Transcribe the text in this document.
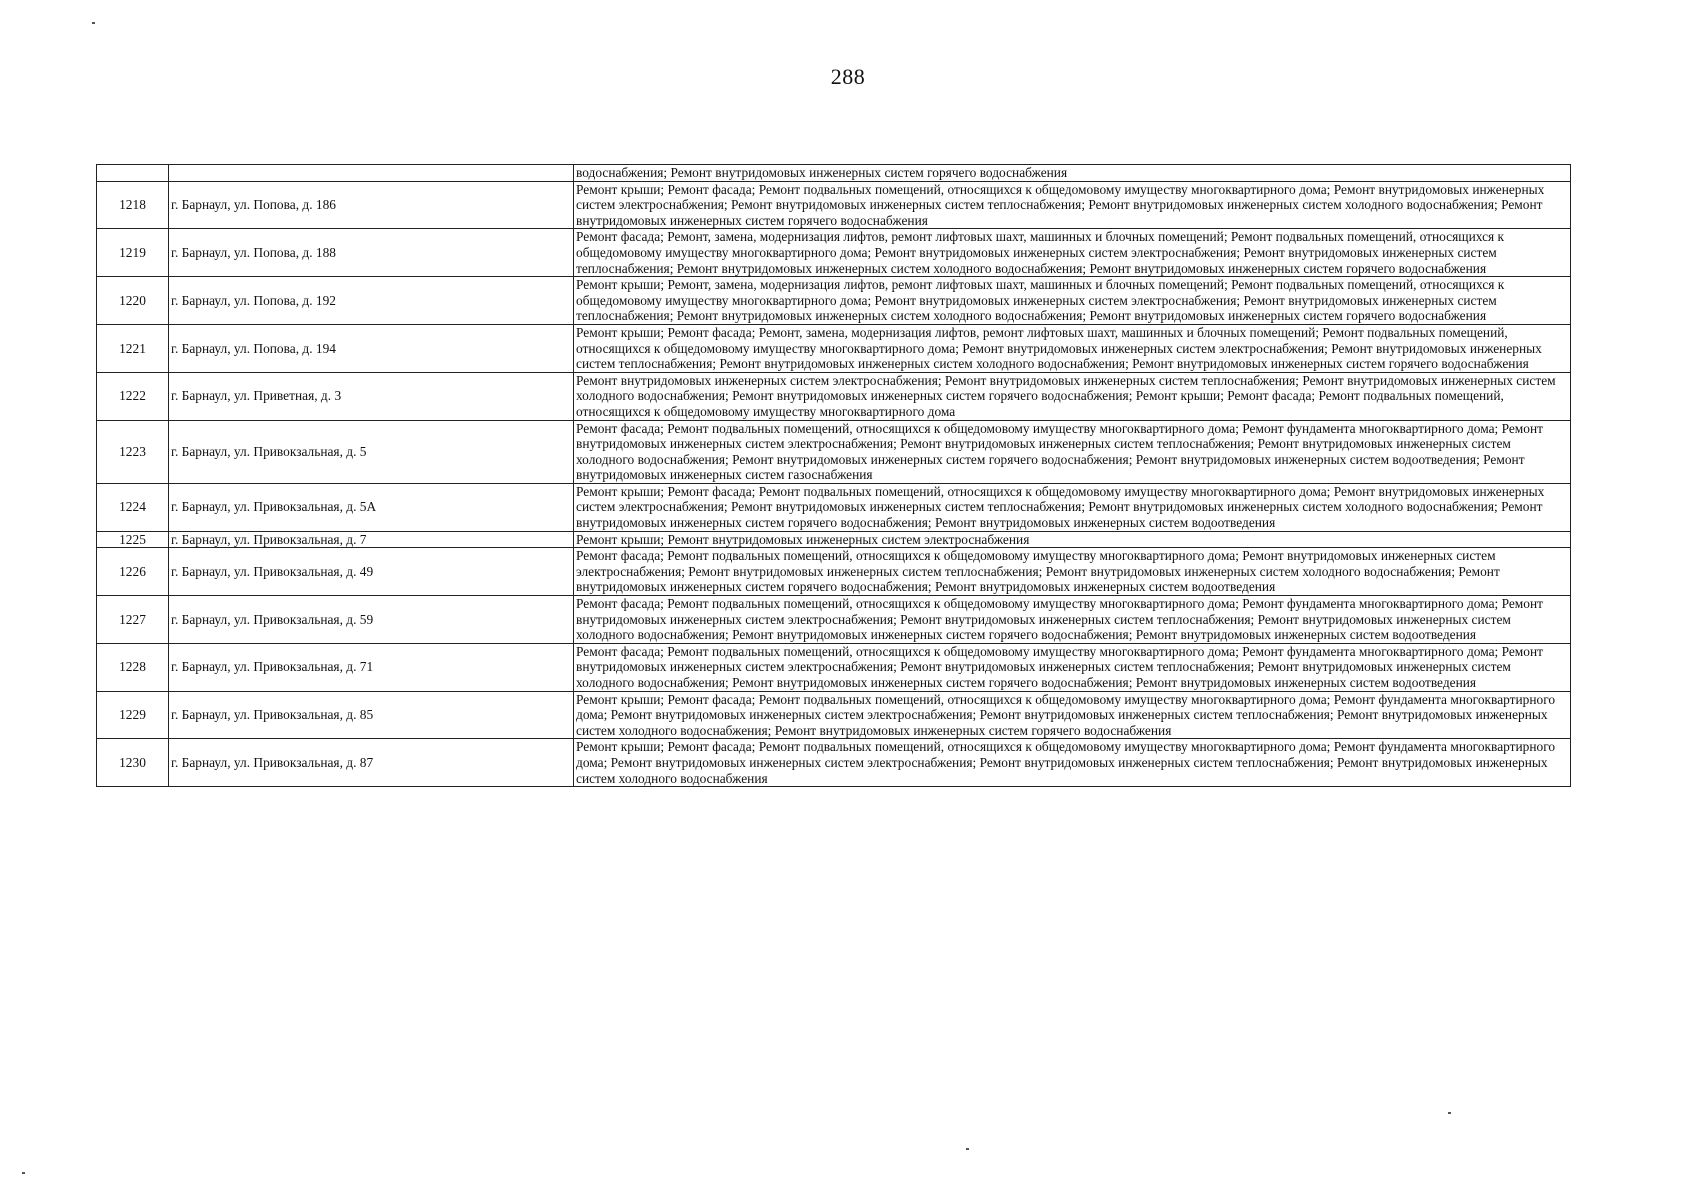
288
		водоснабжения; Ремонт внутридомовых инженерных систем горячего водоснабжения
1218	г. Барнаул, ул. Попова, д. 186	Ремонт крыши; Ремонт фасада; Ремонт подвальных помещений, относящихся к общедомовому имуществу многоквартирного дома; Ремонт внутридомовых инженерных систем электроснабжения; Ремонт внутридомовых инженерных систем теплоснабжения; Ремонт внутридомовых инженерных систем холодного водоснабжения; Ремонт внутридомовых инженерных систем горячего водоснабжения
1219	г. Барнаул, ул. Попова, д. 188	Ремонт фасада; Ремонт, замена, модернизация лифтов, ремонт лифтовых шахт, машинных и блочных помещений; Ремонт подвальных помещений, относящихся к общедомовому имуществу многоквартирного дома; Ремонт внутридомовых инженерных систем электроснабжения; Ремонт внутридомовых инженерных систем теплоснабжения; Ремонт внутридомовых инженерных систем холодного водоснабжения; Ремонт внутридомовых инженерных систем горячего водоснабжения
1220	г. Барнаул, ул. Попова, д. 192	Ремонт крыши; Ремонт, замена, модернизация лифтов, ремонт лифтовых шахт, машинных и блочных помещений; Ремонт подвальных помещений, относящихся к общедомовому имуществу многоквартирного дома; Ремонт внутридомовых инженерных систем электроснабжения; Ремонт внутридомовых инженерных систем теплоснабжения; Ремонт внутридомовых инженерных систем холодного водоснабжения; Ремонт внутридомовых инженерных систем горячего водоснабжения
1221	г. Барнаул, ул. Попова, д. 194	Ремонт крыши; Ремонт фасада; Ремонт, замена, модернизация лифтов, ремонт лифтовых шахт, машинных и блочных помещений; Ремонт подвальных помещений, относящихся к общедомовому имуществу многоквартирного дома; Ремонт внутридомовых инженерных систем электроснабжения; Ремонт внутридомовых инженерных систем теплоснабжения; Ремонт внутридомовых инженерных систем холодного водоснабжения; Ремонт внутридомовых инженерных систем горячего водоснабжения
1222	г. Барнаул, ул. Приветная, д. 3	Ремонт внутридомовых инженерных систем электроснабжения; Ремонт внутридомовых инженерных систем теплоснабжения; Ремонт внутридомовых инженерных систем холодного водоснабжения; Ремонт внутридомовых инженерных систем горячего водоснабжения; Ремонт крыши; Ремонт фасада; Ремонт подвальных помещений, относящихся к общедомовому имуществу многоквартирного дома
1223	г. Барнаул, ул. Привокзальная, д. 5	Ремонт фасада; Ремонт подвальных помещений, относящихся к общедомовому имуществу многоквартирного дома; Ремонт фундамента многоквартирного дома; Ремонт внутридомовых инженерных систем электроснабжения; Ремонт внутридомовых инженерных систем теплоснабжения; Ремонт внутридомовых инженерных систем холодного водоснабжения; Ремонт внутридомовых инженерных систем горячего водоснабжения; Ремонт внутридомовых инженерных систем водоотведения; Ремонт внутридомовых инженерных систем газоснабжения
1224	г. Барнаул, ул. Привокзальная, д. 5А	Ремонт крыши; Ремонт фасада; Ремонт подвальных помещений, относящихся к общедомовому имуществу многоквартирного дома; Ремонт внутридомовых инженерных систем электроснабжения; Ремонт внутридомовых инженерных систем теплоснабжения; Ремонт внутридомовых инженерных систем холодного водоснабжения; Ремонт внутридомовых инженерных систем горячего водоснабжения; Ремонт внутридомовых инженерных систем водоотведения
1225	г. Барнаул, ул. Привокзальная, д. 7	Ремонт крыши; Ремонт внутридомовых инженерных систем электроснабжения
1226	г. Барнаул, ул. Привокзальная, д. 49	Ремонт фасада; Ремонт подвальных помещений, относящихся к общедомовому имуществу многоквартирного дома; Ремонт внутридомовых инженерных систем электроснабжения; Ремонт внутридомовых инженерных систем теплоснабжения; Ремонт внутридомовых инженерных систем холодного водоснабжения; Ремонт внутридомовых инженерных систем горячего водоснабжения; Ремонт внутридомовых инженерных систем водоотведения
1227	г. Барнаул, ул. Привокзальная, д. 59	Ремонт фасада; Ремонт подвальных помещений, относящихся к общедомовому имуществу многоквартирного дома; Ремонт фундамента многоквартирного дома; Ремонт внутридомовых инженерных систем электроснабжения; Ремонт внутридомовых инженерных систем теплоснабжения; Ремонт внутридомовых инженерных систем холодного водоснабжения; Ремонт внутридомовых инженерных систем горячего водоснабжения; Ремонт внутридомовых инженерных систем водоотведения
1228	г. Барнаул, ул. Привокзальная, д. 71	Ремонт фасада; Ремонт подвальных помещений, относящихся к общедомовому имуществу многоквартирного дома; Ремонт фундамента многоквартирного дома; Ремонт внутридомовых инженерных систем электроснабжения; Ремонт внутридомовых инженерных систем теплоснабжения; Ремонт внутридомовых инженерных систем холодного водоснабжения; Ремонт внутридомовых инженерных систем горячего водоснабжения; Ремонт внутридомовых инженерных систем водоотведения
1229	г. Барнаул, ул. Привокзальная, д. 85	Ремонт крыши; Ремонт фасада; Ремонт подвальных помещений, относящихся к общедомовому имуществу многоквартирного дома; Ремонт фундамента многоквартирного дома; Ремонт внутридомовых инженерных систем электроснабжения; Ремонт внутридомовых инженерных систем теплоснабжения; Ремонт внутридомовых инженерных систем холодного водоснабжения; Ремонт внутридомовых инженерных систем горячего водоснабжения
1230	г. Барнаул, ул. Привокзальная, д. 87	Ремонт крыши; Ремонт фасада; Ремонт подвальных помещений, относящихся к общедомовому имуществу многоквартирного дома; Ремонт фундамента многоквартирного дома; Ремонт внутридомовых инженерных систем электроснабжения; Ремонт внутридомовых инженерных систем теплоснабжения; Ремонт внутридомовых инженерных систем холодного водоснабжения
